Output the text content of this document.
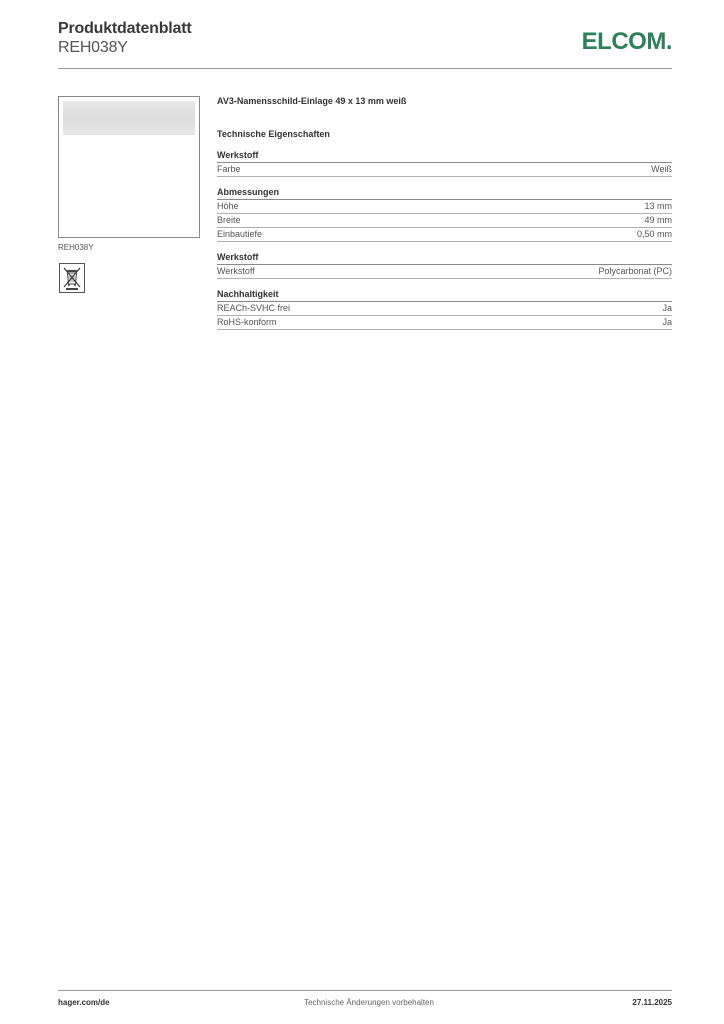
Produktdatenblatt
REH038Y	ELCOM.
REH038Y
AV3-Namensschild-Einlage 49 x 13 mm weiß
Technische Eigenschaften
Werkstoff
Farbe	Weiß
Abmessungen
Höhe	13 mm
Breite	49 mm
Einbautiefe	0,50 mm
Werkstoff
Werkstoff	Polycarbonat (PC)
Nachhaltigkeit
REACh-SVHC frei	Ja
RoHS-konform	Ja
hager.com/de	Technische Änderungen vorbehalten	27.11.2025
